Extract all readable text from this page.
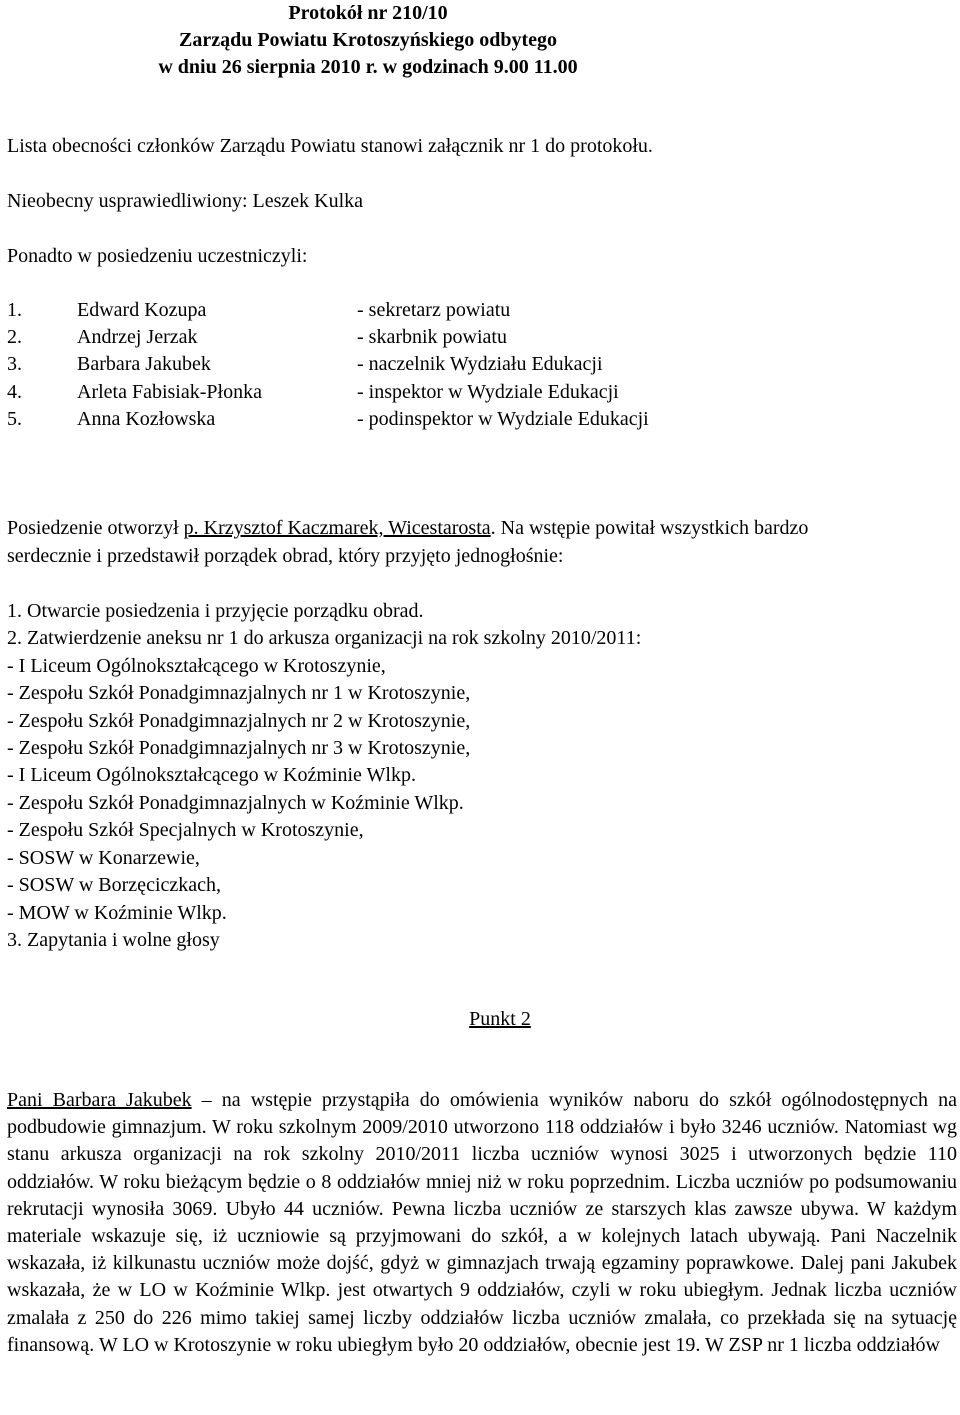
Protokół nr 210/10
Zarządu Powiatu Krotoszyńskiego odbytego
w dniu 26 sierpnia 2010 r. w godzinach 9.00 11.00
Lista obecności członków Zarządu Powiatu stanowi załącznik nr 1 do protokołu.
Nieobecny usprawiedliwiony: Leszek Kulka
Ponadto w posiedzeniu uczestniczyli:
1.	Edward Kozupa	- sekretarz powiatu
2.	Andrzej Jerzak	- skarbnik powiatu
3.	Barbara Jakubek	- naczelnik Wydziału Edukacji
4.	Arleta Fabisiak-Płonka	- inspektor w Wydziale Edukacji
5.	Anna Kozłowska	- podinspektor w Wydziale Edukacji
Posiedzenie otworzył p. Krzysztof Kaczmarek, Wicestarosta. Na wstępie powitał wszystkich bardzo
serdecznie i przedstawił porządek obrad, który przyjęto jednogłośnie:
1. Otwarcie posiedzenia i przyjęcie porządku obrad.
2. Zatwierdzenie aneksu nr 1 do arkusza organizacji na rok szkolny 2010/2011:
- I Liceum Ogólnokształcącego w Krotoszynie,
- Zespołu Szkół Ponadgimnazjalnych nr 1 w Krotoszynie,
- Zespołu Szkół Ponadgimnazjalnych nr 2 w Krotoszynie,
- Zespołu Szkół Ponadgimnazjalnych nr 3 w Krotoszynie,
- I Liceum Ogólnokształcącego w Koźminie Wlkp.
- Zespołu Szkół Ponadgimnazjalnych w Koźminie Wlkp.
- Zespołu Szkół Specjalnych w Krotoszynie,
- SOSW w Konarzewie,
- SOSW w Borzęciczkach,
- MOW w Koźminie Wlkp.
3. Zapytania i wolne głosy
Punkt 2
Pani Barbara Jakubek – na wstępie przystąpiła do omówienia wyników naboru do szkół ogólnodostępnych na podbudowie gimnazjum. W roku szkolnym 2009/2010 utworzono 118 oddziałów i było 3246 uczniów. Natomiast wg stanu arkusza organizacji na rok szkolny 2010/2011 liczba uczniów wynosi 3025 i utworzonych będzie 110 oddziałów. W roku bieżącym będzie o 8 oddziałów mniej niż w roku poprzednim. Liczba uczniów po podsumowaniu rekrutacji wynosiła 3069. Ubyło 44 uczniów. Pewna liczba uczniów ze starszych klas zawsze ubywa. W każdym materiale wskazuje się, iż uczniowie są przyjmowani do szkół, a w kolejnych latach ubywają. Pani Naczelnik wskazała, iż kilkunastu uczniów może dojść, gdyż w gimnazjach trwają egzaminy poprawkowe. Dalej pani Jakubek wskazała, że w LO w Koźminie Wlkp. jest otwartych 9 oddziałów, czyli w roku ubiegłym. Jednak liczba uczniów zmalała z 250 do 226 mimo takiej samej liczby oddziałów liczba uczniów zmalała, co przekłada się na sytuację finansową. W LO w Krotoszynie w roku ubiegłym było 20 oddziałów, obecnie jest 19. W ZSP nr 1 liczba oddziałów
